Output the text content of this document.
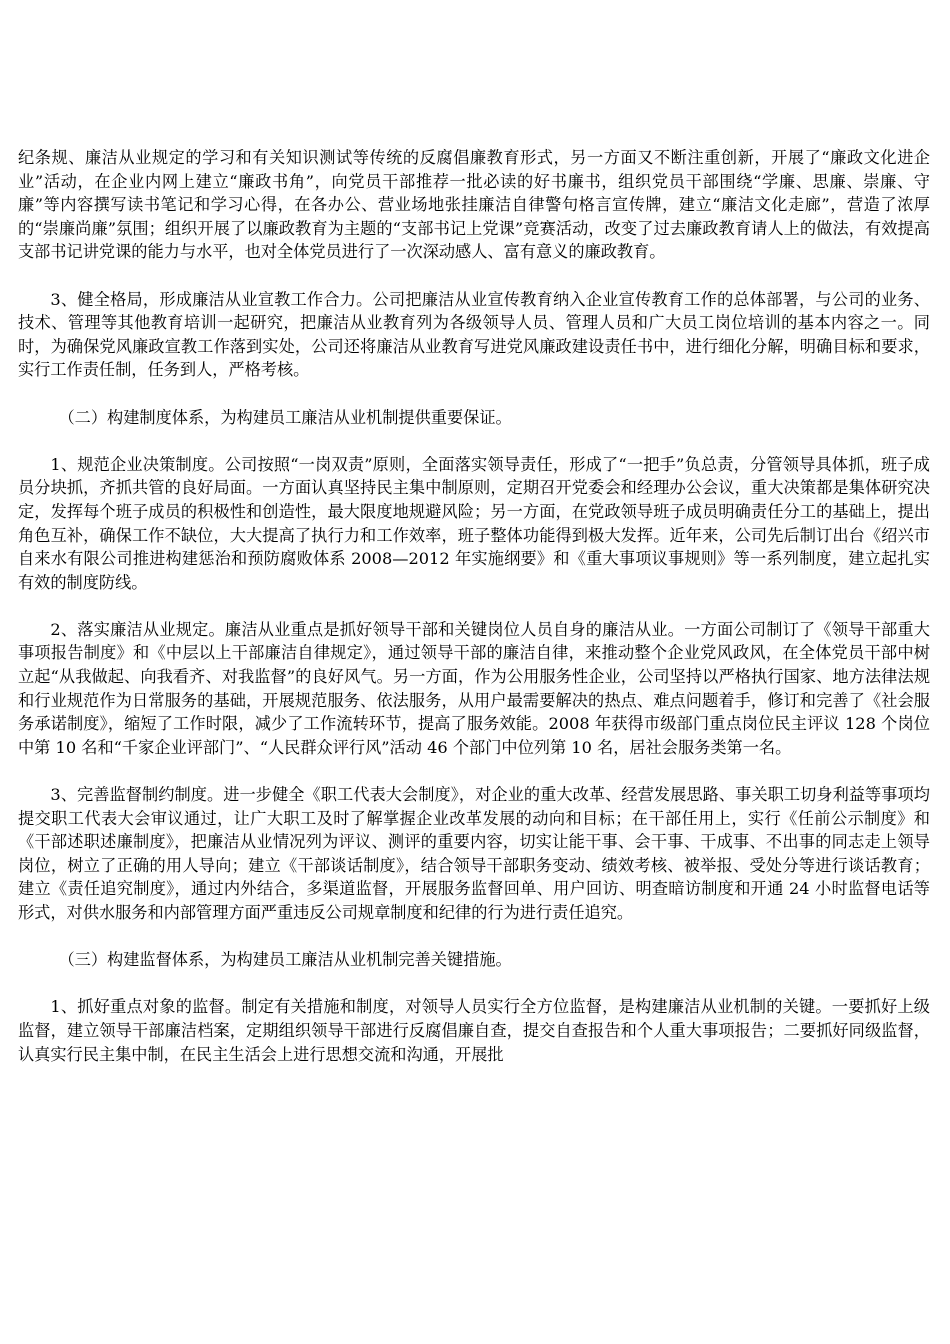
纪条规、廉洁从业规定的学习和有关知识测试等传统的反腐倡廉教育形式，另一方面又不断注重创新，开展了“廉政文化进企业”活动，在企业内网上建立“廉政书角”，向党员干部推荐一批必读的好书廉书，组织党员干部围绕“学廉、思廉、崇廉、守廉”等内容撰写读书笔记和学习心得，在各办公、营业场地张挂廉洁自律警句格言宣传牌，建立“廉洁文化走廊”，营造了浓厚的“崇廉尚廉”氛围；组织开展了以廉政教育为主题的“支部书记上党课”竞赛活动，改变了过去廉政教育请人上的做法，有效提高支部书记讲党课的能力与水平，也对全体党员进行了一次深动感人、富有意义的廉政教育。

3、健全格局，形成廉洁从业宣教工作合力。公司把廉洁从业宣传教育纳入企业宣传教育工作的总体部署，与公司的业务、技术、管理等其他教育培训一起研究，把廉洁从业教育列为各级领导人员、管理人员和广大员工岗位培训的基本内容之一。同时，为确保党风廉政宣教工作落到实处，公司还将廉洁从业教育写进党风廉政建设责任书中，进行细化分解，明确目标和要求，实行工作责任制，任务到人，严格考核。

（二）构建制度体系，为构建员工廉洁从业机制提供重要保证。

1、规范企业决策制度。公司按照“一岗双责”原则，全面落实领导责任，形成了“一把手”负总责，分管领导具体抓，班子成员分块抓，齐抓共管的良好局面。一方面认真坚持民主集中制原则，定期召开党委会和经理办公会议，重大决策都是集体研究决定，发挥每个班子成员的积极性和创造性，最大限度地规避风险；另一方面，在党政领导班子成员明确责任分工的基础上，提出角色互补，确保工作不缺位，大大提高了执行力和工作效率，班子整体功能得到极大发挥。近年来，公司先后制订出台《绍兴市自来水有限公司推进构建惩治和预防腐败体系 2008—2012 年实施纲要》和《重大事项议事规则》等一系列制度，建立起扎实有效的制度防线。

2、落实廉洁从业规定。廉洁从业重点是抓好领导干部和关键岗位人员自身的廉洁从业。一方面公司制订了《领导干部重大事项报告制度》和《中层以上干部廉洁自律规定》，通过领导干部的廉洁自律，来推动整个企业党风政风，在全体党员干部中树立起“从我做起、向我看齐、对我监督”的良好风气。另一方面，作为公用服务性企业，公司坚持以严格执行国家、地方法律法规和行业规范作为日常服务的基础，开展规范服务、依法服务，从用户最需要解决的热点、难点问题着手，修订和完善了《社会服务承诺制度》，缩短了工作时限，减少了工作流转环节，提高了服务效能。2008 年获得市级部门重点岗位民主评议 128 个岗位中第 10 名和“千家企业评部门”、“人民群众评行风”活动 46 个部门中位列第 10 名，居社会服务类第一名。

3、完善监督制约制度。进一步健全《职工代表大会制度》，对企业的重大改革、经营发展思路、事关职工切身利益等事项均提交职工代表大会审议通过，让广大职工及时了解掌握企业改革发展的动向和目标；在干部任用上，实行《任前公示制度》和《干部述职述廉制度》，把廉洁从业情况列为评议、测评的重要内容，切实让能干事、会干事、干成事、不出事的同志走上领导岗位，树立了正确的用人导向；建立《干部谈话制度》，结合领导干部职务变动、绩效考核、被举报、受处分等进行谈话教育；建立《责任追究制度》，通过内外结合，多渠道监督，开展服务监督回单、用户回访、明查暗访制度和开通 24 小时监督电话等形式，对供水服务和内部管理方面严重违反公司规章制度和纪律的行为进行责任追究。

（三）构建监督体系，为构建员工廉洁从业机制完善关键措施。

1、抓好重点对象的监督。制定有关措施和制度，对领导人员实行全方位监督，是构建廉洁从业机制的关键。一要抓好上级监督，建立领导干部廉洁档案，定期组织领导干部进行反腐倡廉自查，提交自查报告和个人重大事项报告；二要抓好同级监督，认真实行民主集中制，在民主生活会上进行思想交流和沟通，开展批
